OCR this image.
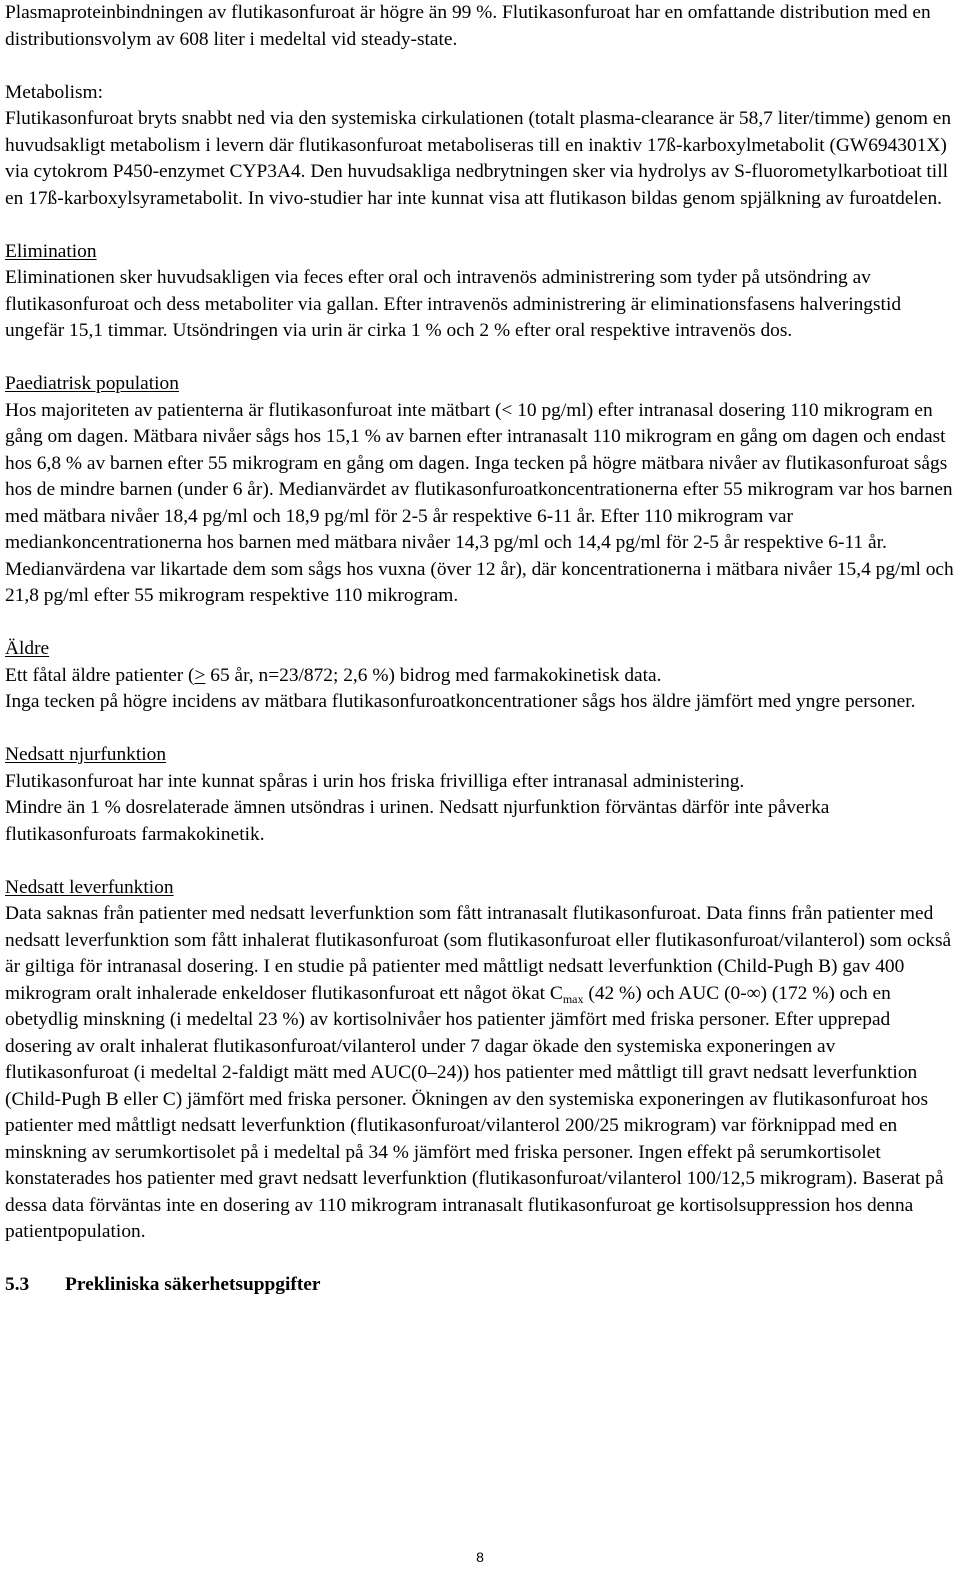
Plasmaproteinbindningen av flutikasonfuroat är högre än 99 %. Flutikasonfuroat har en omfattande distribution med en distributionsvolym av 608 liter i medeltal vid steady-state.

Metabolism:

Flutikasonfuroat bryts snabbt ned via den systemiska cirkulationen (totalt plasma-clearance är 58,7 liter/timme) genom en huvudsakligt metabolism i levern där flutikasonfuroat metaboliseras till en inaktiv 17ß-karboxylmetabolit (GW694301X) via cytokrom P450-enzymet CYP3A4. Den huvudsakliga nedbrytningen sker via hydrolys av S-fluorometylkarbotioat till en 17ß-karboxylsyrametabolit. In vivo-studier har inte kunnat visa att flutikason bildas genom spjälkning av furoatdelen.

Elimination

Eliminationen sker huvudsakligen via feces efter oral och intravenös administrering som tyder på utsöndring av flutikasonfuroat och dess metaboliter via gallan. Efter intravenös administrering är eliminationsfasens halveringstid ungefär 15,1 timmar. Utsöndringen via urin är cirka 1 % och 2 % efter oral respektive intravenös dos.

Paediatrisk population

Hos majoriteten av patienterna är flutikasonfuroat inte mätbart (< 10 pg/ml) efter intranasal dosering 110 mikrogram en gång om dagen. Mätbara nivåer sågs hos 15,1 % av barnen efter intranasalt 110 mikrogram en gång om dagen och endast hos 6,8 % av barnen efter 55 mikrogram en gång om dagen. Inga tecken på högre mätbara nivåer av flutikasonfuroat sågs hos de mindre barnen (under 6 år). Medianvärdet av flutikasonfuroatkoncentrationerna efter 55 mikrogram var hos barnen med mätbara nivåer 18,4 pg/ml och 18,9 pg/ml för 2-5 år respektive 6-11 år. Efter 110 mikrogram var mediankoncentrationerna hos barnen med mätbara nivåer 14,3 pg/ml och 14,4 pg/ml för 2-5 år respektive 6-11 år. Medianvärdena var likartade dem som sågs hos vuxna (över 12 år), där koncentrationerna i mätbara nivåer 15,4 pg/ml och 21,8 pg/ml efter 55 mikrogram respektive 110 mikrogram.

Äldre

Ett fåtal äldre patienter (≥ 65 år, n=23/872; 2,6 %) bidrog med farmakokinetisk data.

Inga tecken på högre incidens av mätbara flutikasonfuroatkoncentrationer sågs hos äldre jämfört med yngre personer.

Nedsatt njurfunktion

Flutikasonfuroat har inte kunnat spåras i urin hos friska frivilliga efter intranasal administering.

Mindre än 1 % dosrelaterade ämnen utsöndras i urinen. Nedsatt njurfunktion förväntas därför inte påverka flutikasonfuroats farmakokinetik.

Nedsatt leverfunktion

Data saknas från patienter med nedsatt leverfunktion som fått intranasalt flutikasonfuroat. Data finns från patienter med nedsatt leverfunktion som fått inhalerat flutikasonfuroat (som flutikasonfuroat eller flutikasonfuroat/vilanterol) som också är giltiga för intranasal dosering. I en studie på patienter med måttligt nedsatt leverfunktion (Child-Pugh B) gav 400 mikrogram oralt inhalerade enkeldoser flutikasonfuroat ett något ökat $C_{max}$ (42 %) och AUC (0-∞) (172 %) och en obetydlig minskning (i medeltal 23 %) av kortisolnivåer hos patienter jämfört med friska personer. Efter upprepad dosering av oralt inhalerat flutikasonfuroat/vilanterol under 7 dagar ökade den systemiska exponeringen av flutikasonfuroat (i medeltal 2-faldigt mätt med AUC(0–24)) hos patienter med måttligt till gravt nedsatt leverfunktion (Child-Pugh B eller C) jämfört med friska personer. Ökningen av den systemiska exponeringen av flutikasonfuroat hos patienter med måttligt nedsatt leverfunktion (flutikasonfuroat/vilanterol 200/25 mikrogram) var förknippad med en minskning av serumkortisolet på i medeltal på 34 % jämfört med friska personer. Ingen effekt på serumkortisolet konstaterades hos patienter med gravt nedsatt leverfunktion (flutikasonfuroat/vilanterol 100/12,5 mikrogram). Baserat på dessa data förväntas inte en dosering av 110 mikrogram intranasalt flutikasonfuroat ge kortisolsuppression hos denna patientpopulation.

5.3 Prekliniska säkerhetsuppgifter

8
